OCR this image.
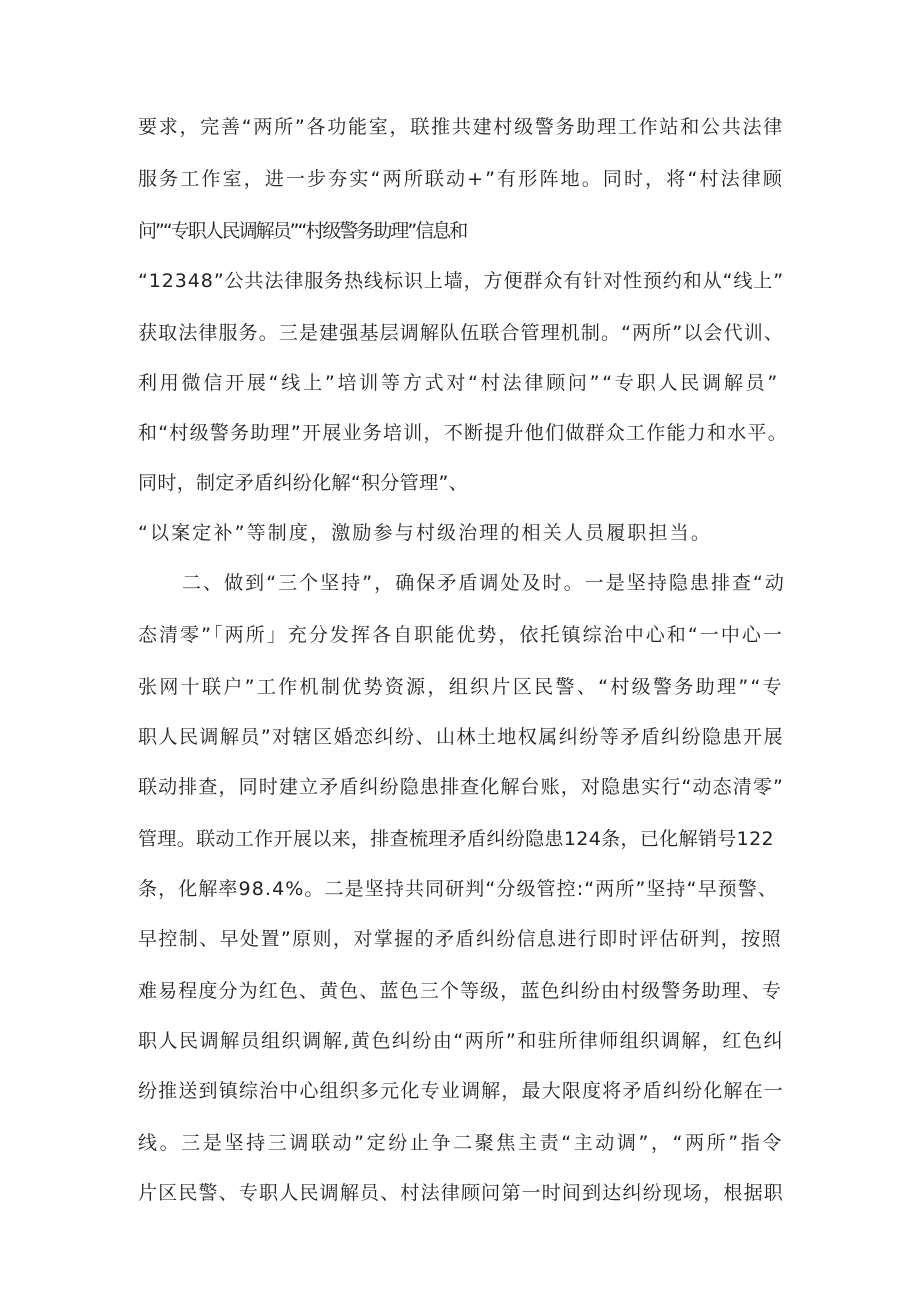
要求，完善“两所”各功能室，联推共建村级警务助理工作站和公共法律
服务工作室，进一步夯实“两所联动+”有形阵地。同时，将“村法律顾
问”“专职人民调解员”“村级警务助理”信息和
“12348”公共法律服务热线标识上墙，方便群众有针对性预约和从“线上”
获取法律服务。三是建强基层调解队伍联合管理机制。“两所”以会代训、
利用微信开展“线上”培训等方式对“村法律顾问”“专职人民调解员”
和“村级警务助理”开展业务培训，不断提升他们做群众工作能力和水平。
同时，制定矛盾纠纷化解“积分管理”、
“以案定补”等制度，激励参与村级治理的相关人员履职担当。
二、做到“三个坚持”，确保矛盾调处及时。一是坚持隐患排查“动
态清零”「两所」充分发挥各自职能优势，依托镇综治中心和“一中心一
张网十联户”工作机制优势资源，组织片区民警、“村级警务助理”“专
职人民调解员”对辖区婚恋纠纷、山林土地权属纠纷等矛盾纠纷隐患开展
联动排查，同时建立矛盾纠纷隐患排查化解台账，对隐患实行“动态清零”
管理。联动工作开展以来，排查梳理矛盾纠纷隐患124条，已化解销号122
条，化解率98.4%。二是坚持共同研判“分级管控:“两所”坚持“早预警、
早控制、早处置”原则，对掌握的矛盾纠纷信息进行即时评估研判，按照
难易程度分为红色、黄色、蓝色三个等级，蓝色纠纷由村级警务助理、专
职人民调解员组织调解,黄色纠纷由“两所”和驻所律师组织调解，红色纠
纷推送到镇综治中心组织多元化专业调解，最大限度将矛盾纠纷化解在一
线。三是坚持三调联动”定纷止争二聚焦主责“主动调”，“两所”指令
片区民警、专职人民调解员、村法律顾问第一时间到达纠纷现场，根据职
